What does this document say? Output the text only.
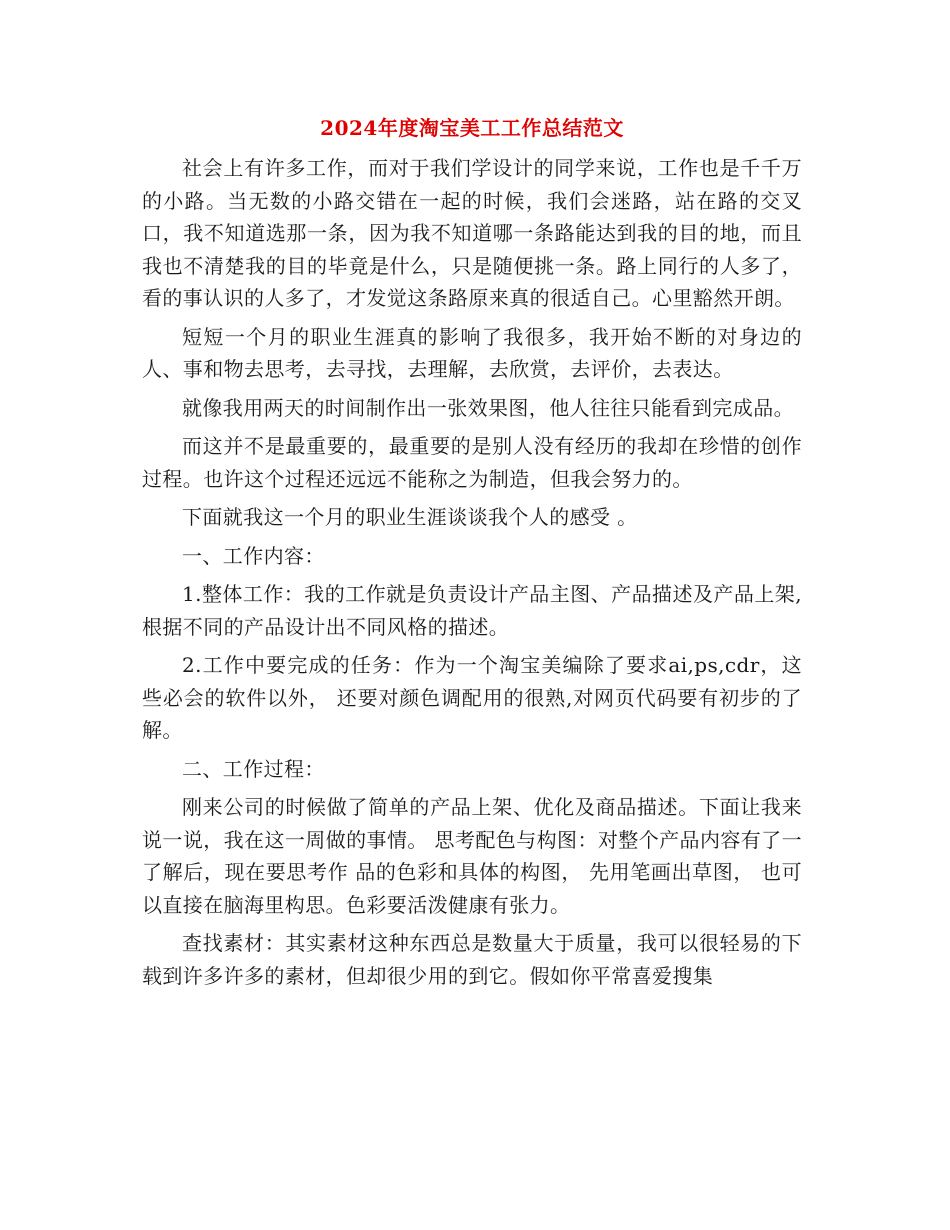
2024年度淘宝美工工作总结范文

社会上有许多工作，而对于我们学设计的同学来说，工作也是千千万的小路。当无数的小路交错在一起的时候，我们会迷路，站在路的交叉口，我不知道选那一条，因为我不知道哪一条路能达到我的目的地，而且我也不清楚我的目的毕竟是什么，只是随便挑一条。路上同行的人多了，看的事认识的人多了，才发觉这条路原来真的很适自己。心里豁然开朗。

短短一个月的职业生涯真的影响了我很多，我开始不断的对身边的人、事和物去思考，去寻找，去理解，去欣赏，去评价，去表达。

就像我用两天的时间制作出一张效果图，他人往往只能看到完成品。

而这并不是最重要的，最重要的是别人没有经历的我却在珍惜的创作过程。也许这个过程还远远不能称之为制造，但我会努力的。

下面就我这一个月的职业生涯谈谈我个人的感受 。

一、工作内容：

1.整体工作：我的工作就是负责设计产品主图、产品描述及产品上架,根据不同的产品设计出不同风格的描述。

2.工作中要完成的任务：作为一个淘宝美编除了要求ai,ps,cdr，这些必会的软件以外， 还要对颜色调配用的很熟,对网页代码要有初步的了解。

二、工作过程：

刚来公司的时候做了简单的产品上架、优化及商品描述。下面让我来说一说，我在这一周做的事情。 思考配色与构图：对整个产品内容有了一了解后，现在要思考作 品的色彩和具体的构图， 先用笔画出草图， 也可以直接在脑海里构思。色彩要活泼健康有张力。

查找素材：其实素材这种东西总是数量大于质量，我可以很轻易的下载到许多许多的素材，但却很少用的到它。假如你平常喜爱搜集
